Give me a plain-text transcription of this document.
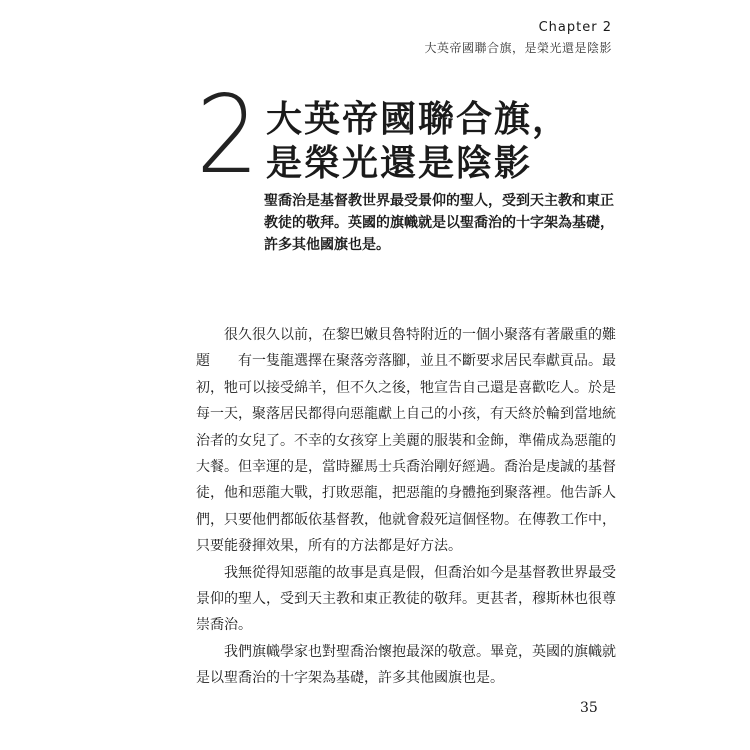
Chapter 2
大英帝國聯合旗，是榮光還是陰影
2 大英帝國聯合旗，
是榮光還是陰影
聖喬治是基督教世界最受景仰的聖人，受到天主教和東正
教徒的敬拜。英國的旗幟就是以聖喬治的十字架為基礎，
許多其他國旗也是。
很久很久以前，在黎巴嫩貝魯特附近的一個小聚落有著嚴重的難
題　　有一隻龍選擇在聚落旁落腳，並且不斷要求居民奉獻貢品。最
初，牠可以接受綿羊，但不久之後，牠宣告自己還是喜歡吃人。於是
每一天，聚落居民都得向惡龍獻上自己的小孩，有天終於輪到當地統
治者的女兒了。不幸的女孩穿上美麗的服裝和金飾，準備成為惡龍的
大餐。但幸運的是，當時羅馬士兵喬治剛好經過。喬治是虔誠的基督
徒，他和惡龍大戰，打敗惡龍，把惡龍的身體拖到聚落裡。他告訴人
們，只要他們都皈依基督教，他就會殺死這個怪物。在傳教工作中，
只要能發揮效果，所有的方法都是好方法。
我無從得知惡龍的故事是真是假，但喬治如今是基督教世界最受
景仰的聖人，受到天主教和東正教徒的敬拜。更甚者，穆斯林也很尊
崇喬治。
我們旗幟學家也對聖喬治懷抱最深的敬意。畢竟，英國的旗幟就
是以聖喬治的十字架為基礎，許多其他國旗也是。
35
